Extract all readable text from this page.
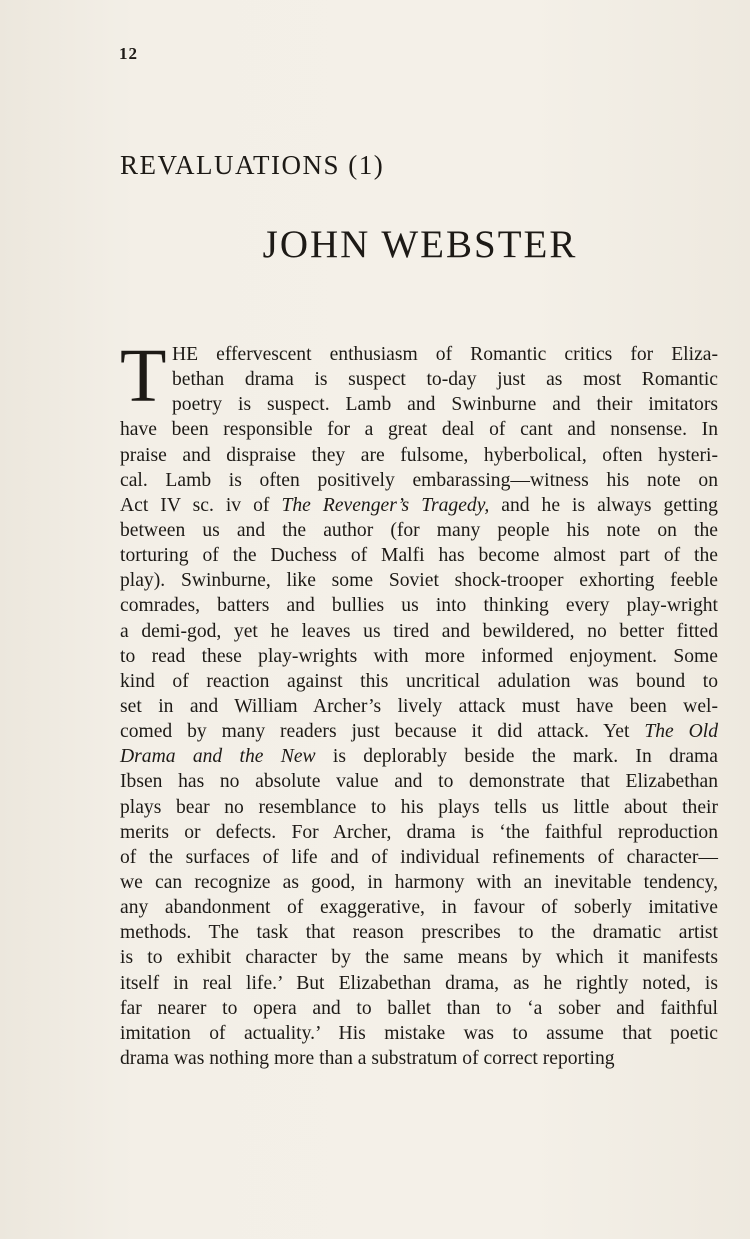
12
REVALUATIONS (1)
JOHN WEBSTER
T HE effervescent enthusiasm of Romantic critics for Eliza-
bethan drama is suspect to-day just as most Romantic
poetry is suspect. Lamb and Swinburne and their imitators
have been responsible for a great deal of cant and nonsense. In
praise and dispraise they are fulsome, hyberbolical, often hysteri-
cal. Lamb is often positively embarassing—witness his note on
Act IV sc. iv of The Revenger’s Tragedy, and he is always getting
between us and the author (for many people his note on the
torturing of the Duchess of Malfi has become almost part of the
play). Swinburne, like some Soviet shock-trooper exhorting feeble
comrades, batters and bullies us into thinking every play-wright
a demi-god, yet he leaves us tired and bewildered, no better fitted
to read these play-wrights with more informed enjoyment. Some
kind of reaction against this uncritical adulation was bound to
set in and William Archer’s lively attack must have been wel-
comed by many readers just because it did attack. Yet The Old
Drama and the New is deplorably beside the mark. In drama
Ibsen has no absolute value and to demonstrate that Elizabethan
plays bear no resemblance to his plays tells us little about their
merits or defects. For Archer, drama is ‘the faithful reproduction
of the surfaces of life and of individual refinements of character—
we can recognize as good, in harmony with an inevitable tendency,
any abandonment of exaggerative, in favour of soberly imitative
methods. The task that reason prescribes to the dramatic artist
is to exhibit character by the same means by which it manifests
itself in real life.’ But Elizabethan drama, as he rightly noted, is
far nearer to opera and to ballet than to ‘a sober and faithful
imitation of actuality.’ His mistake was to assume that poetic
drama was nothing more than a substratum of correct reporting
